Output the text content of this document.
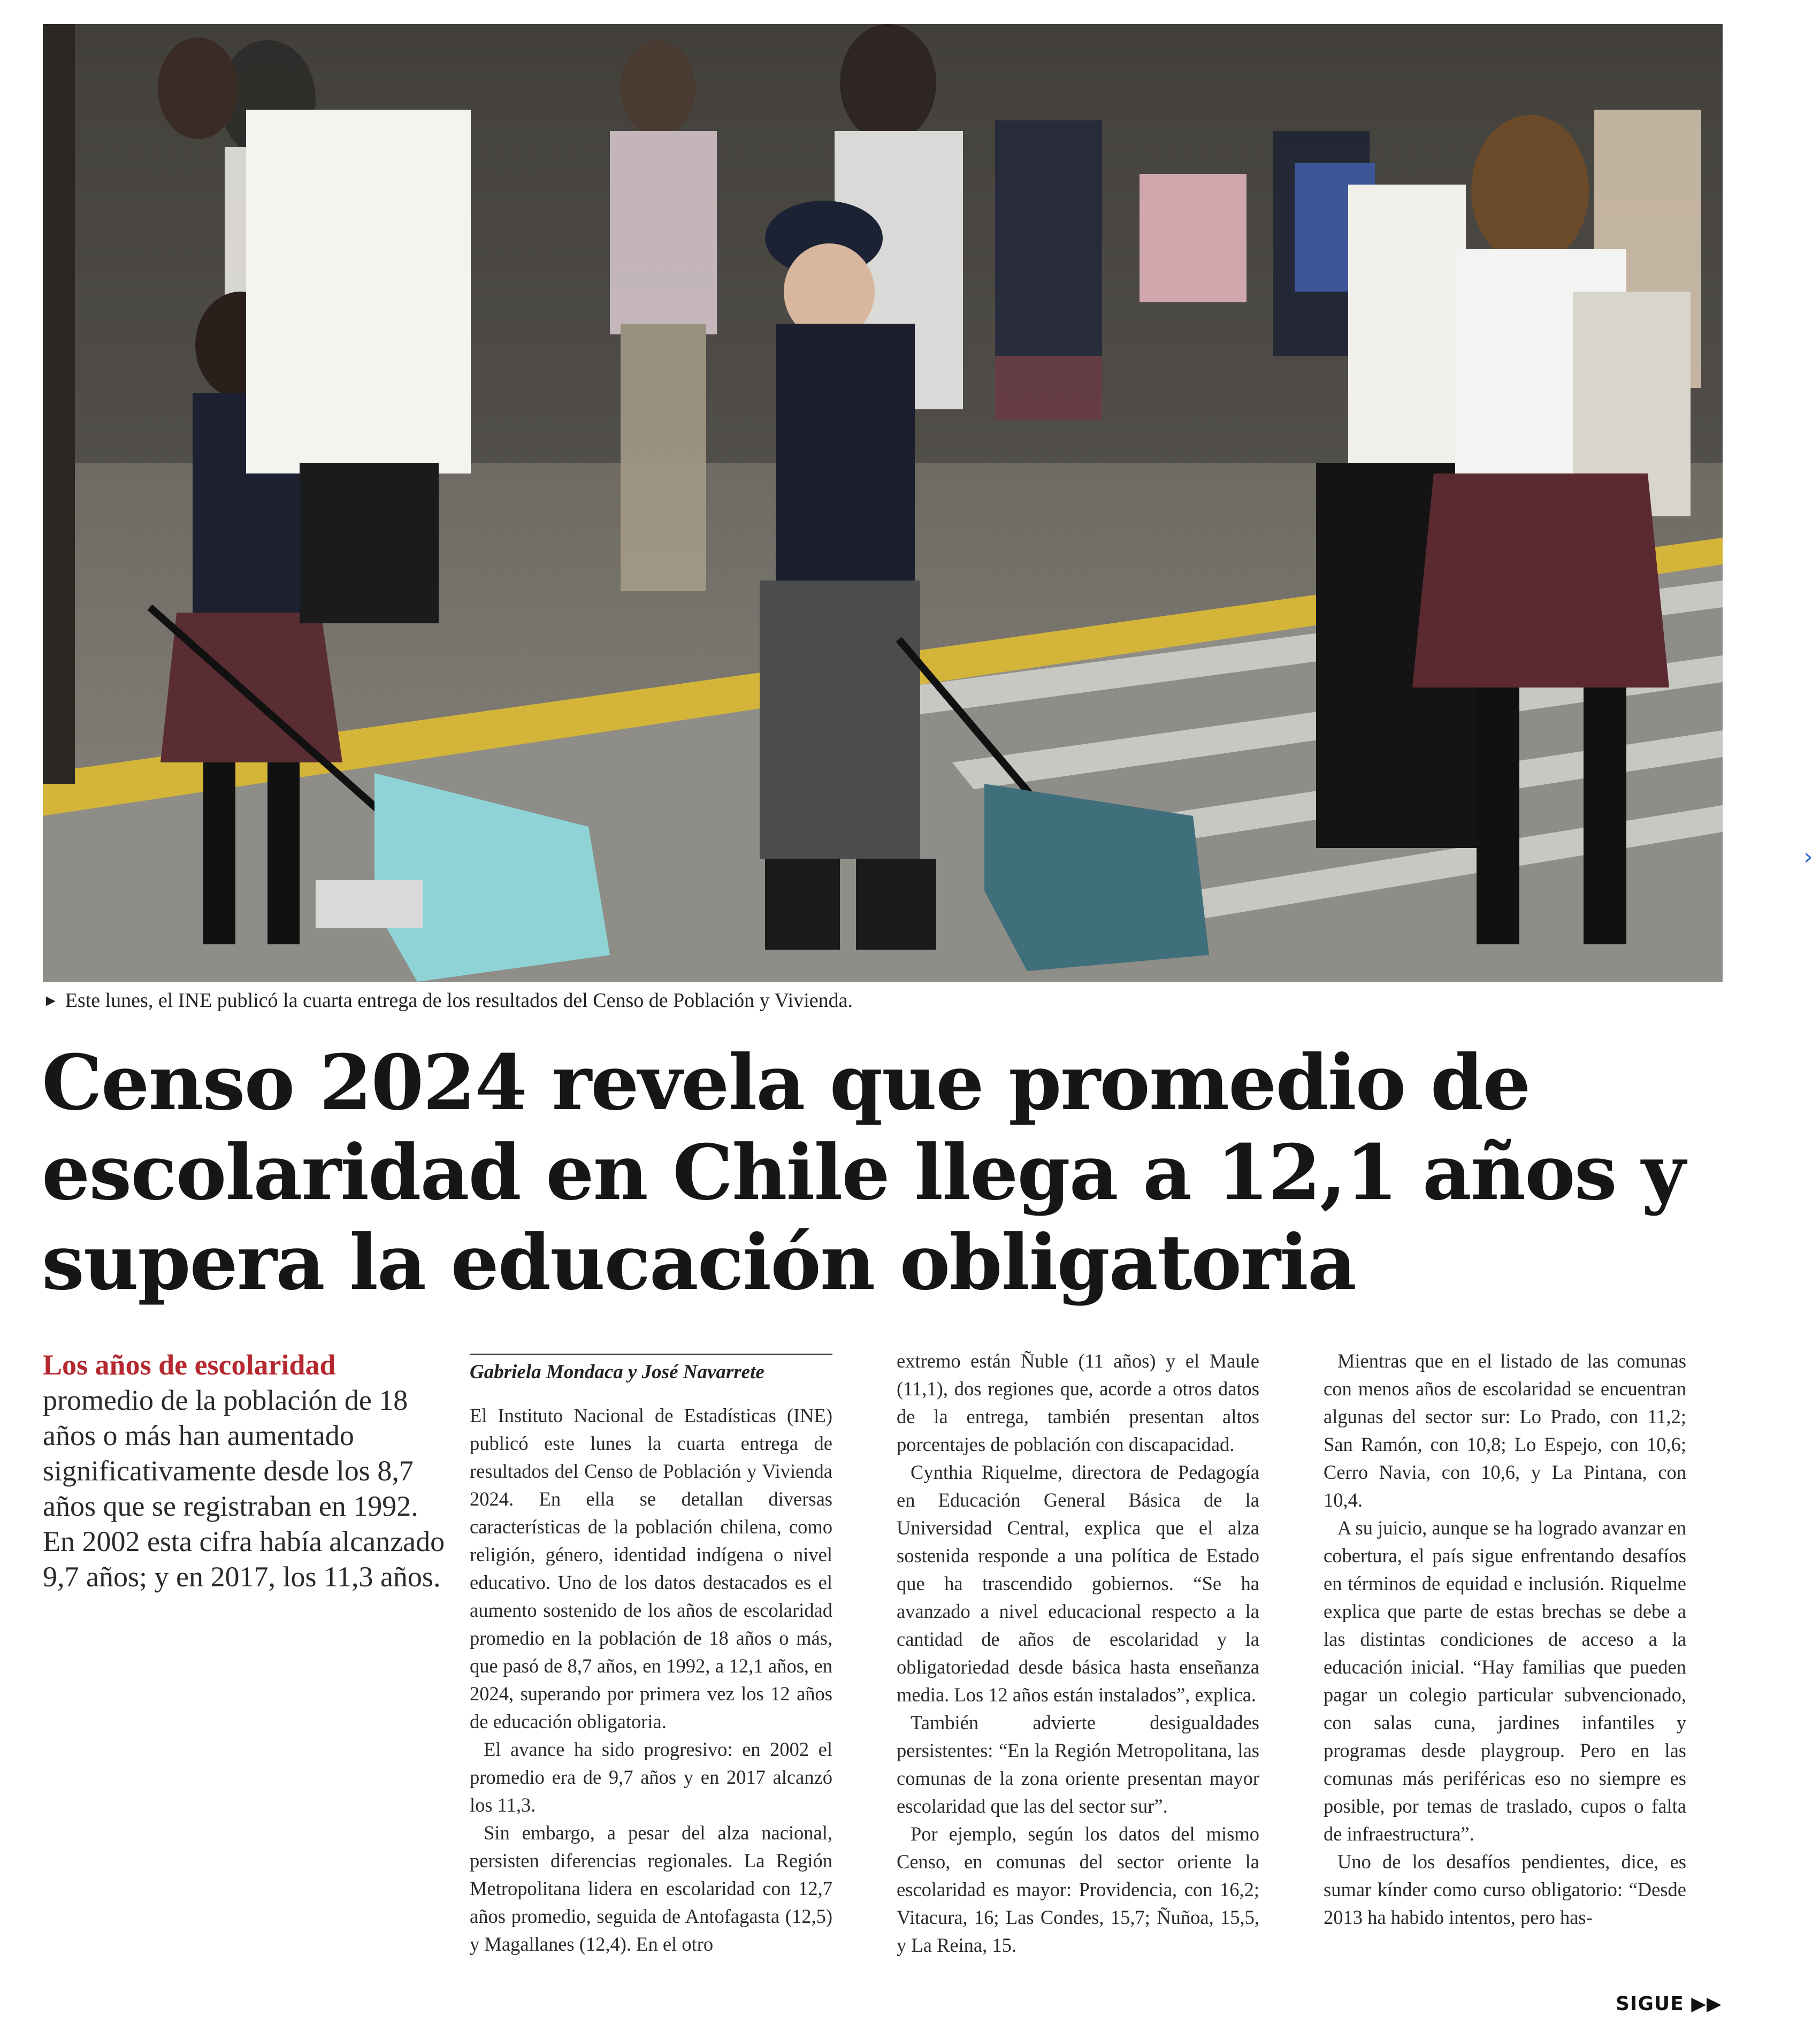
► Este lunes, el INE publicó la cuarta entrega de los resultados del Censo de Población y Vivienda.
Censo 2024 revela que promedio de escolaridad en Chile llega a 12,1 años y supera la educación obligatoria
Los años de escolaridad
promedio de la población de 18 años o más han aumentado significativamente desde los 8,7 años que se registraban en 1992. En 2002 esta cifra había alcanzado 9,7 años; y en 2017, los 11,3 años.
Gabriela Mondaca y José Navarrete

El Instituto Nacional de Estadísticas (INE) publicó este lunes la cuarta entrega de resultados del Censo de Población y Vivienda 2024. En ella se detallan diversas características de la población chilena, como religión, género, identidad indígena o nivel educativo. Uno de los datos destacados es el aumento sostenido de los años de escolaridad promedio en la población de 18 años o más, que pasó de 8,7 años, en 1992, a 12,1 años, en 2024, superando por primera vez los 12 años de educación obligatoria.

El avance ha sido progresivo: en 2002 el promedio era de 9,7 años y en 2017 alcanzó los 11,3.

Sin embargo, a pesar del alza nacional, persisten diferencias regionales. La Región Metropolitana lidera en escolaridad con 12,7 años promedio, seguida de Antofagasta (12,5) y Magallanes (12,4). En el otro

extremo están Ñuble (11 años) y el Maule (11,1), dos regiones que, acorde a otros datos de la entrega, también presentan altos porcentajes de población con discapacidad.

Cynthia Riquelme, directora de Pedagogía en Educación General Básica de la Universidad Central, explica que el alza sostenida responde a una política de Estado que ha trascendido gobiernos. “Se ha avanzado a nivel educacional respecto a la cantidad de años de escolaridad y la obligatoriedad desde básica hasta enseñanza media. Los 12 años están instalados”, explica.

También advierte desigualdades persistentes: “En la Región Metropolitana, las comunas de la zona oriente presentan mayor escolaridad que las del sector sur”.

Por ejemplo, según los datos del mismo Censo, en comunas del sector oriente la escolaridad es mayor: Providencia, con 16,2; Vitacura, 16; Las Condes, 15,7; Ñuñoa, 15,5, y La Reina, 15.

Mientras que en el listado de las comunas con menos años de escolaridad se encuentran algunas del sector sur: Lo Prado, con 11,2; San Ramón, con 10,8; Lo Espejo, con 10,6; Cerro Navia, con 10,6, y La Pintana, con 10,4.

A su juicio, aunque se ha logrado avanzar en cobertura, el país sigue enfrentando desafíos en términos de equidad e inclusión. Riquelme explica que parte de estas brechas se debe a las distintas condiciones de acceso a la educación inicial. “Hay familias que pueden pagar un colegio particular subvencionado, con salas cuna, jardines infantiles y programas desde playgroup. Pero en las comunas más periféricas eso no siempre es posible, por temas de traslado, cupos o falta de infraestructura”.

Uno de los desafíos pendientes, dice, es sumar kínder como curso obligatorio: “Desde 2013 ha habido intentos, pero has-

SIGUE ▶▶
›
